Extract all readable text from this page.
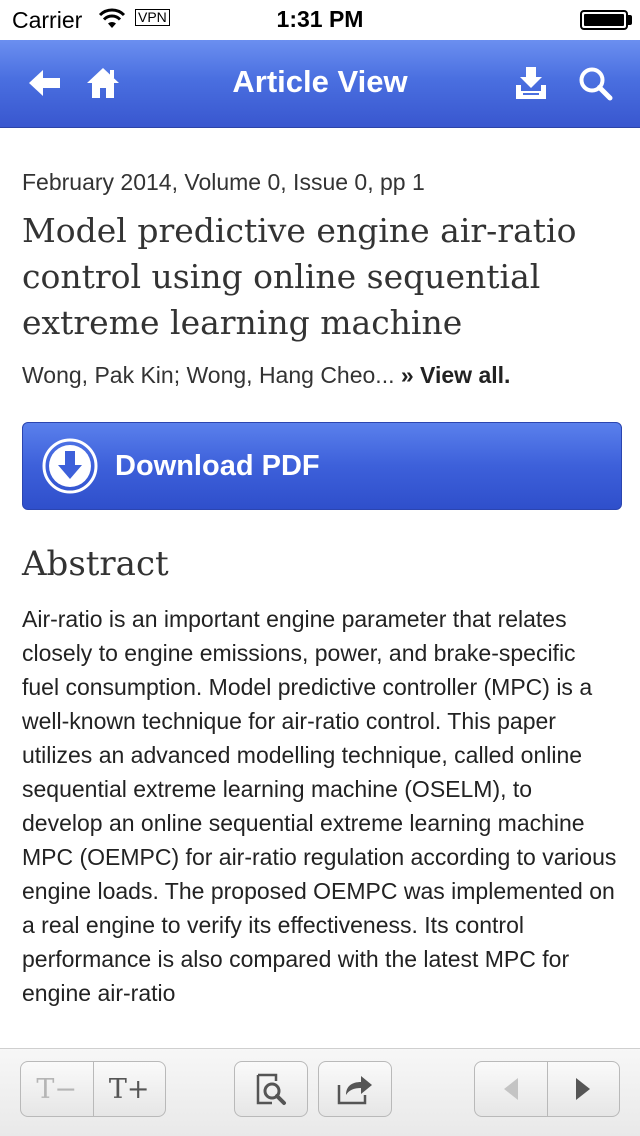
Carrier	VPN	1:31 PM
Article View
February 2014, Volume 0, Issue 0, pp 1
Model predictive engine air-ratio control using online sequential extreme learning machine
Wong, Pak Kin; Wong, Hang Cheo... » View all.
Download PDF
Abstract

Air-ratio is an important engine parameter that relates closely to engine emissions, power, and brake-specific fuel consumption. Model predictive controller (MPC) is a well-known technique for air-ratio control. This paper utilizes an advanced modelling technique, called online sequential extreme learning machine (OSELM), to develop an online sequential extreme learning machine MPC (OEMPC) for air-ratio regulation according to various engine loads. The proposed OEMPC was implemented on a real engine to verify its effectiveness. Its control performance is also compared with the latest MPC for engine air-ratio

T−	T+
